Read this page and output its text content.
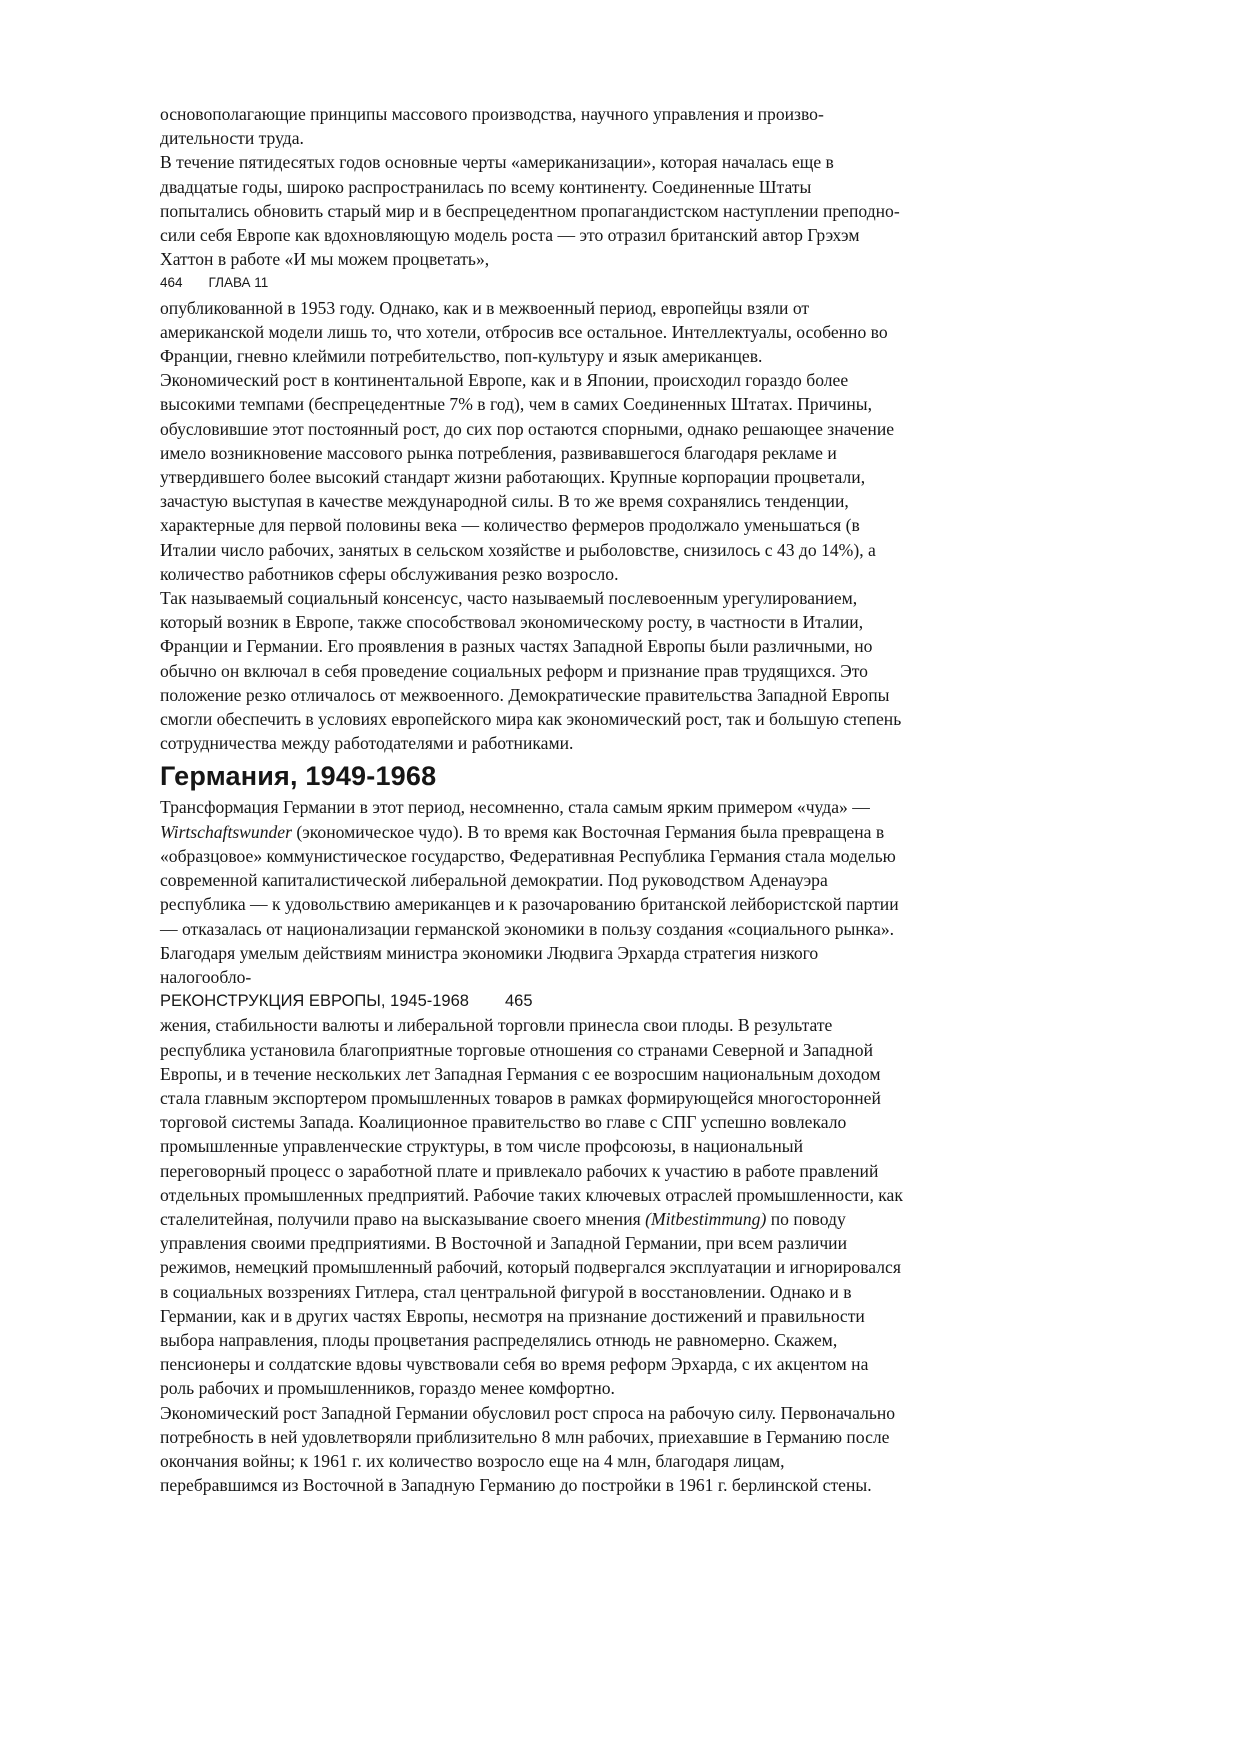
основополагающие принципы массового производства, научного управления и произво-
дительности труда.
В течение пятидесятых годов основные черты «американизации», которая началась еще в
двадцатые годы, широко распространилась по всему континенту. Соединенные Штаты
попытались обновить старый мир и в беспрецедентном пропагандистском наступлении преподно-
сили себя Европе как вдохновляющую модель роста — это отразил британский автор Грэхэм
Хаттон в работе «И мы можем процветать»,
464 ГЛАВА 11
опубликованной в 1953 году. Однако, как и в межвоенный период, европейцы взяли от
американской модели лишь то, что хотели, отбросив все остальное. Интеллектуалы, особенно во
Франции, гневно клеймили потребительство, поп-культуру и язык американцев.
Экономический рост в континентальной Европе, как и в Японии, происходил гораздо более
высокими темпами (беспрецедентные 7% в год), чем в самих Соединенных Штатах. Причины,
обусловившие этот постоянный рост, до сих пор остаются спорными, однако решающее значение
имело возникновение массового рынка потребления, развивавшегося благодаря рекламе и
утвердившего более высокий стандарт жизни работающих. Крупные корпорации процветали,
зачастую выступая в качестве международной силы. В то же время сохранялись тенденции,
характерные для первой половины века — количество фермеров продолжало уменьшаться (в
Италии число рабочих, занятых в сельском хозяйстве и рыболовстве, снизилось с 43 до 14%), а
количество работников сферы обслуживания резко возросло.
Так называемый социальный консенсус, часто называемый послевоенным урегулированием,
который возник в Европе, также способствовал экономическому росту, в частности в Италии,
Франции и Германии. Его проявления в разных частях Западной Европы были различными, но
обычно он включал в себя проведение социальных реформ и признание прав трудящихся. Это
положение резко отличалось от межвоенного. Демократические правительства Западной Европы
смогли обеспечить в условиях европейского мира как экономический рост, так и большую степень
сотрудничества между работодателями и работниками.
Германия, 1949-1968
Трансформация Германии в этот период, несомненно, стала самым ярким примером «чуда» —
Wirtschaftswunder (экономическое чудо). В то время как Восточная Германия была превращена в
«образцовое» коммунистическое государство, Федеративная Республика Германия стала моделью
современной капиталистической либеральной демократии. Под руководством Аденауэра
республика — к удовольствию американцев и к разочарованию британской лейбористской партии
— отказалась от национализации германской экономики в пользу создания «социального рынка».
Благодаря умелым действиям министра экономики Людвига Эрхарда стратегия низкого
налогообло-
РЕКОНСТРУКЦИЯ ЕВРОПЫ, 1945-1968 465
жения, стабильности валюты и либеральной торговли принесла свои плоды. В результате
республика установила благоприятные торговые отношения со странами Северной и Западной
Европы, и в течение нескольких лет Западная Германия с ее возросшим национальным доходом
стала главным экспортером промышленных товаров в рамках формирующейся многосторонней
торговой системы Запада. Коалиционное правительство во главе с СПГ успешно вовлекало
промышленные управленческие структуры, в том числе профсоюзы, в национальный
переговорный процесс о заработной плате и привлекало рабочих к участию в работе правлений
отдельных промышленных предприятий. Рабочие таких ключевых отраслей промышленности, как
сталелитейная, получили право на высказывание своего мнения (Mitbestimmung) по поводу
управления своими предприятиями. В Восточной и Западной Германии, при всем различии
режимов, немецкий промышленный рабочий, который подвергался эксплуатации и игнорировался
в социальных воззрениях Гитлера, стал центральной фигурой в восстановлении. Однако и в
Германии, как и в других частях Европы, несмотря на признание достижений и правильности
выбора направления, плоды процветания распределялись отнюдь не равномерно. Скажем,
пенсионеры и солдатские вдовы чувствовали себя во время реформ Эрхарда, с их акцентом на
роль рабочих и промышленников, гораздо менее комфортно.
Экономический рост Западной Германии обусловил рост спроса на рабочую силу. Первоначально
потребность в ней удовлетворяли приблизительно 8 млн рабочих, приехавшие в Германию после
окончания войны; к 1961 г. их количество возросло еще на 4 млн, благодаря лицам,
перебравшимся из Восточной в Западную Германию до постройки в 1961 г. берлинской стены.
